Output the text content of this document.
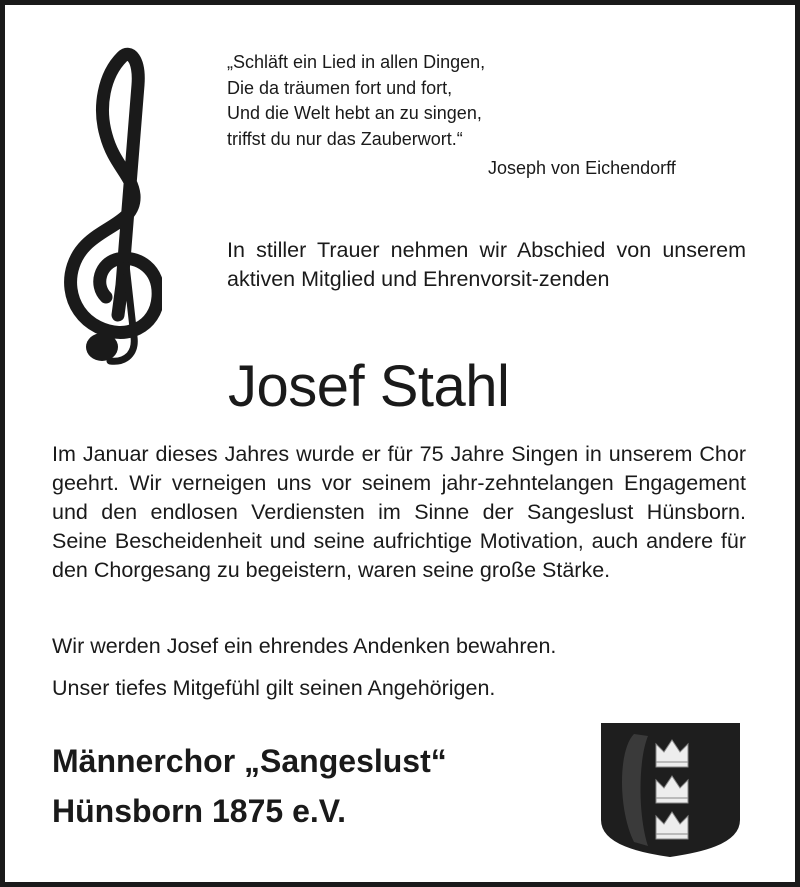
„Schläft ein Lied in allen Dingen,
Die da träumen fort und fort,
Und die Welt hebt an zu singen,
triffst du nur das Zauberwort.“
Joseph von Eichendorff
In stiller Trauer nehmen wir Abschied von unserem aktiven Mitglied und Ehrenvorsit-zenden
Josef Stahl
Im Januar dieses Jahres wurde er für 75 Jahre Singen in unserem Chor geehrt. Wir verneigen uns vor seinem jahr-zehntelangen Engagement und den endlosen Verdiensten im Sinne der Sangeslust Hünsborn. Seine Bescheidenheit und seine aufrichtige Motivation, auch andere für den Chorgesang zu begeistern, waren seine große Stärke.
Wir werden Josef ein ehrendes Andenken bewahren.
Unser tiefes Mitgefühl gilt seinen Angehörigen.
Männerchor „Sangeslust“
Hünsborn 1875 e.V.
